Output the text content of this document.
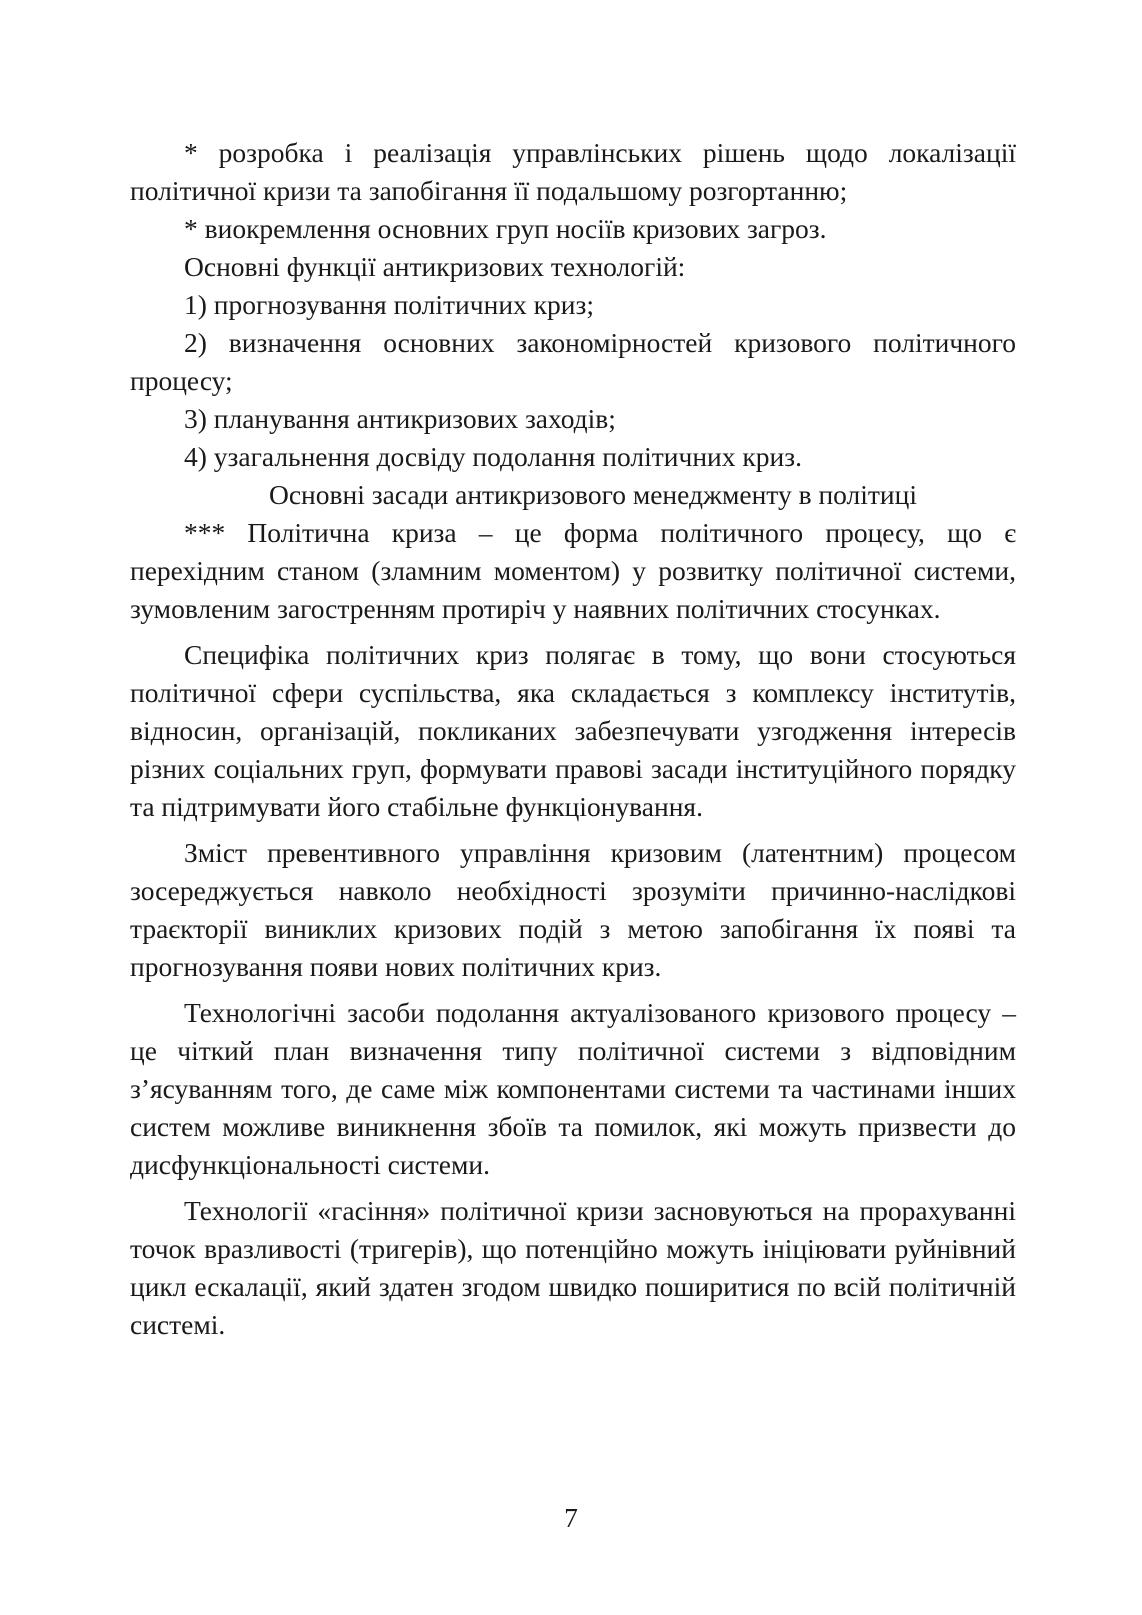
* розробка і реалізація управлінських рішень щодо локалізації політичної кризи та запобігання її подальшому розгортанню;

* виокремлення основних груп носіїв кризових загроз.

Основні функції антикризових технологій:

1) прогнозування політичних криз;

2) визначення основних закономірностей кризового політичного процесу;

3) планування антикризових заходів;

4) узагальнення досвіду подолання політичних криз.

Основні засади антикризового менеджменту в політиці

*** Політична криза – це форма політичного процесу, що є перехідним станом (зламним моментом) у розвитку політичної системи, зумовленим загостренням протиріч у наявних політичних стосунках.

Специфіка політичних криз полягає в тому, що вони стосуються політичної сфери суспільства, яка складається з комплексу інститутів, відносин, організацій, покликаних забезпечувати узгодження інтересів різних соціальних груп, формувати правові засади інституційного порядку та підтримувати його стабільне функціонування.

Зміст превентивного управління кризовим (латентним) процесом зосереджується навколо необхідності зрозуміти причинно-наслідкові траєкторії виниклих кризових подій з метою запобігання їх появі та прогнозування появи нових політичних криз.

Технологічні засоби подолання актуалізованого кризового процесу – це чіткий план визначення типу політичної системи з відповідним з’ясуванням того, де саме між компонентами системи та частинами інших систем можливе виникнення збоїв та помилок, які можуть призвести до дисфункціональності системи.

Технології «гасіння» політичної кризи засновуються на прорахуванні точок вразливості (тригерів), що потенційно можуть ініціювати руйнівний цикл ескалації, який здатен згодом швидко поширитися по всій політичній системі.

7
